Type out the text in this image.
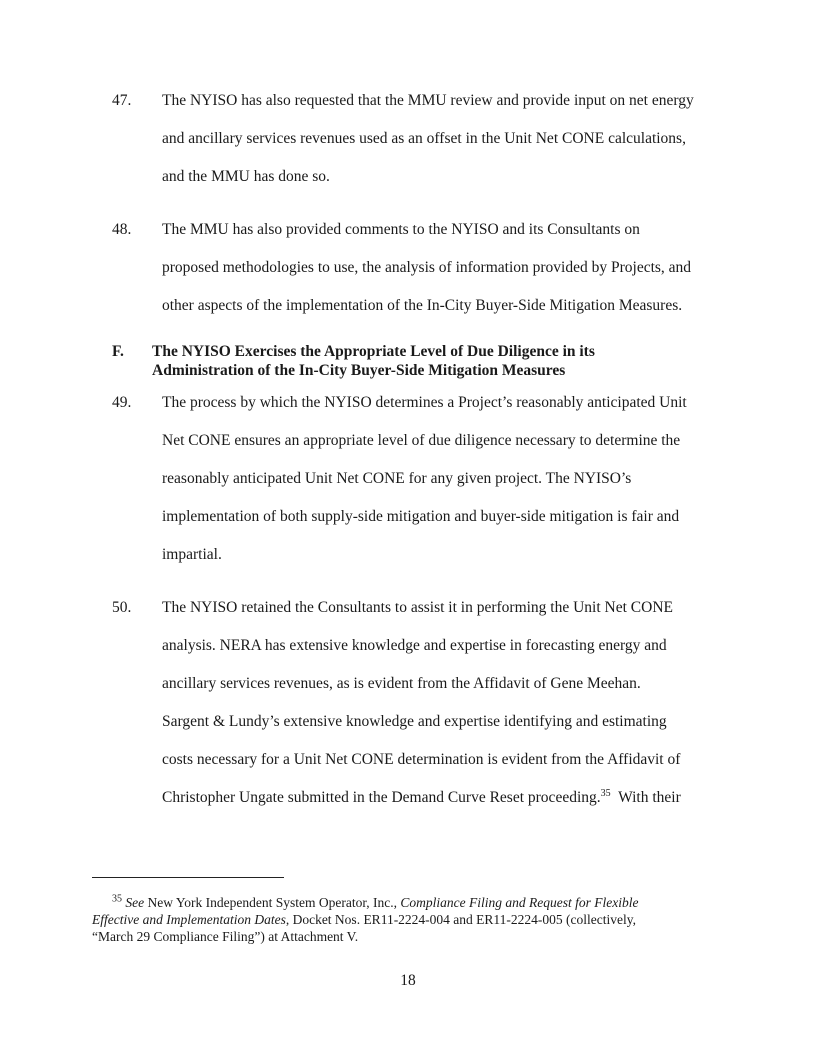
47. The NYISO has also requested that the MMU review and provide input on net energy
and ancillary services revenues used as an offset in the Unit Net CONE calculations,
and the MMU has done so.
48. The MMU has also provided comments to the NYISO and its Consultants on
proposed methodologies to use, the analysis of information provided by Projects, and
other aspects of the implementation of the In-City Buyer-Side Mitigation Measures.
F. The NYISO Exercises the Appropriate Level of Due Diligence in its
Administration of the In-City Buyer-Side Mitigation Measures
49. The process by which the NYISO determines a Project’s reasonably anticipated Unit
Net CONE ensures an appropriate level of due diligence necessary to determine the
reasonably anticipated Unit Net CONE for any given project. The NYISO’s
implementation of both supply-side mitigation and buyer-side mitigation is fair and
impartial.
50. The NYISO retained the Consultants to assist it in performing the Unit Net CONE
analysis. NERA has extensive knowledge and expertise in forecasting energy and
ancillary services revenues, as is evident from the Affidavit of Gene Meehan.
Sargent & Lundy’s extensive knowledge and expertise identifying and estimating
costs necessary for a Unit Net CONE determination is evident from the Affidavit of
Christopher Ungate submitted in the Demand Curve Reset proceeding.$^{35}$  With their
$^{35}$ See New York Independent System Operator, Inc., Compliance Filing and Request for Flexible
Effective and Implementation Dates, Docket Nos. ER11-2224-004 and ER11-2224-005 (collectively,
“March 29 Compliance Filing”) at Attachment V.
18
